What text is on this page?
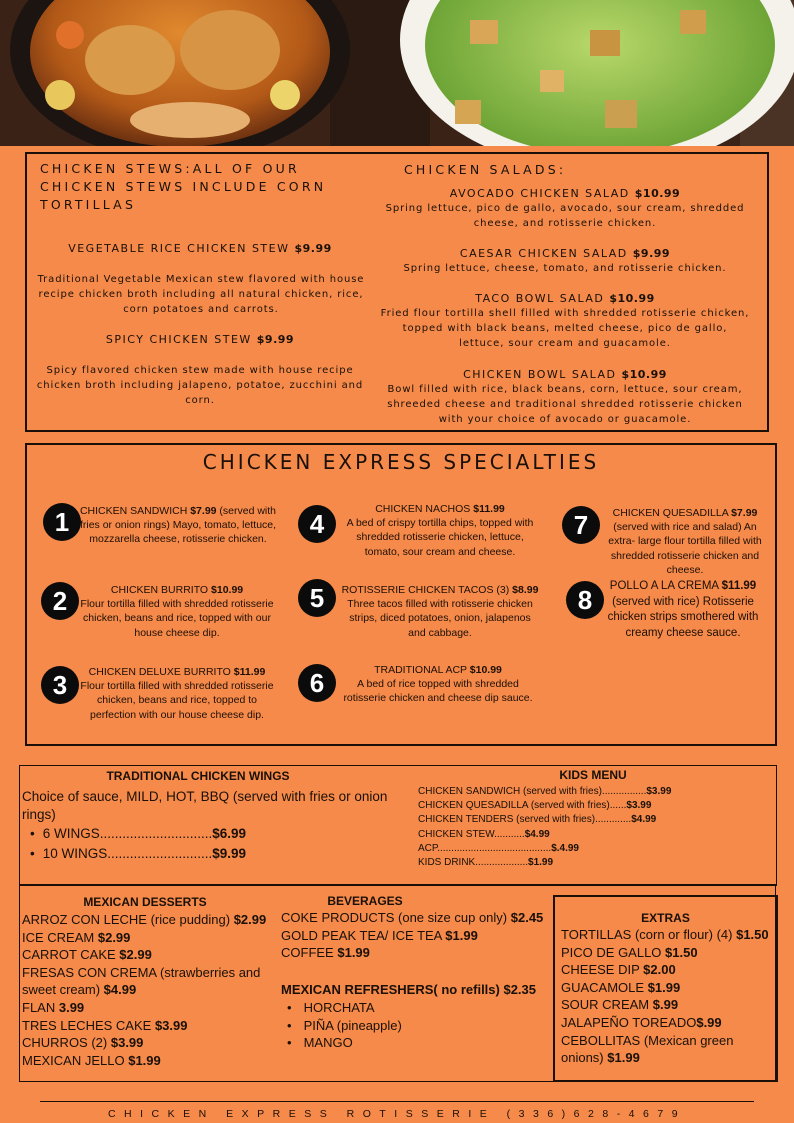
CHICKEN STEWS:ALL OF OUR CHICKEN STEWS INCLUDE CORN TORTILLAS
VEGETABLE RICE CHICKEN STEW $9.99
Traditional Vegetable Mexican stew flavored with house recipe chicken broth including all natural chicken, rice, corn potatoes and carrots.
SPICY CHICKEN STEW $9.99
Spicy flavored chicken stew made with house recipe chicken broth including jalapeno, potatoe, zucchini and corn.
CHICKEN SALADS:
AVOCADO CHICKEN SALAD $10.99
Spring lettuce, pico de gallo, avocado, sour cream, shredded cheese, and rotisserie chicken.
CAESAR CHICKEN SALAD $9.99
Spring lettuce, cheese, tomato, and rotisserie chicken.
TACO BOWL SALAD $10.99
Fried flour tortilla shell filled with shredded rotisserie chicken, topped with black beans, melted cheese, pico de gallo, lettuce, sour cream and guacamole.
CHICKEN BOWL SALAD $10.99
Bowl filled with rice, black beans, corn, lettuce, sour cream, shreeded cheese and traditional shredded rotisserie chicken with your choice of avocado or guacamole.
CHICKEN EXPRESS SPECIALTIES
1	CHICKEN SANDWICH $7.99 (served with fries or onion rings) Mayo, tomato, lettuce, mozzarella cheese, rotisserie chicken.
2	CHICKEN BURRITO $10.99
Flour tortilla filled with shredded rotisserie chicken, beans and rice, topped with our house cheese dip.
3	CHICKEN DELUXE BURRITO $11.99
Flour tortilla filled with shredded rotisserie chicken, beans and rice, topped to perfection with our house cheese dip.
4	CHICKEN NACHOS $11.99
A bed of crispy tortilla chips, topped with shredded rotisserie chicken, lettuce, tomato, sour cream and cheese.
5	ROTISSERIE CHICKEN TACOS (3) $8.99
Three tacos filled with rotisserie chicken strips, diced potatoes, onion, jalapenos and cabbage.
6	TRADITIONAL ACP $10.99
A bed of rice topped with shredded rotisserie chicken and cheese dip sauce.
7	CHICKEN QUESADILLA $7.99
(served with rice and salad) An extra- large flour tortilla filled with shredded rotisserie chicken and cheese.
8	POLLO A LA CREMA $11.99
(served with rice) Rotisserie chicken strips smothered with creamy cheese sauce.
TRADITIONAL CHICKEN WINGS
Choice of sauce, MILD, HOT, BBQ (served with fries or onion rings)
• 6 WINGS..............................$6.99
• 10 WINGS............................$9.99
KIDS MENU
CHICKEN SANDWICH (served with fries)................$3.99
CHICKEN QUESADILLA (served with fries)......$3.99
CHICKEN TENDERS (served with fries).............$4.99
CHICKEN STEW...........$4.99
ACP.........................................$.4.99
KIDS DRINK...................$1.99
MEXICAN DESSERTS
ARROZ CON LECHE (rice pudding) $2.99
ICE CREAM $2.99
CARROT CAKE $2.99
FRESAS CON CREMA (strawberries and sweet cream) $4.99
FLAN 3.99
TRES LECHES CAKE $3.99
CHURROS (2) $3.99
MEXICAN JELLO $1.99
BEVERAGES
COKE PRODUCTS (one size cup only) $2.45
GOLD PEAK TEA/ ICE TEA $1.99
COFFEE $1.99
MEXICAN REFRESHERS( no refills) $2.35
• HORCHATA
• PIÑA (pineapple)
• MANGO
EXTRAS
TORTILLAS (corn or flour) (4) $1.50
PICO DE GALLO $1.50
CHEESE DIP $2.00
GUACAMOLE $1.99
SOUR CREAM $.99
JALAPEÑO TOREADO$.99
CEBOLLITAS (Mexican green onions) $1.99
CHICKEN EXPRESS ROTISSERIE (336)628-4679
